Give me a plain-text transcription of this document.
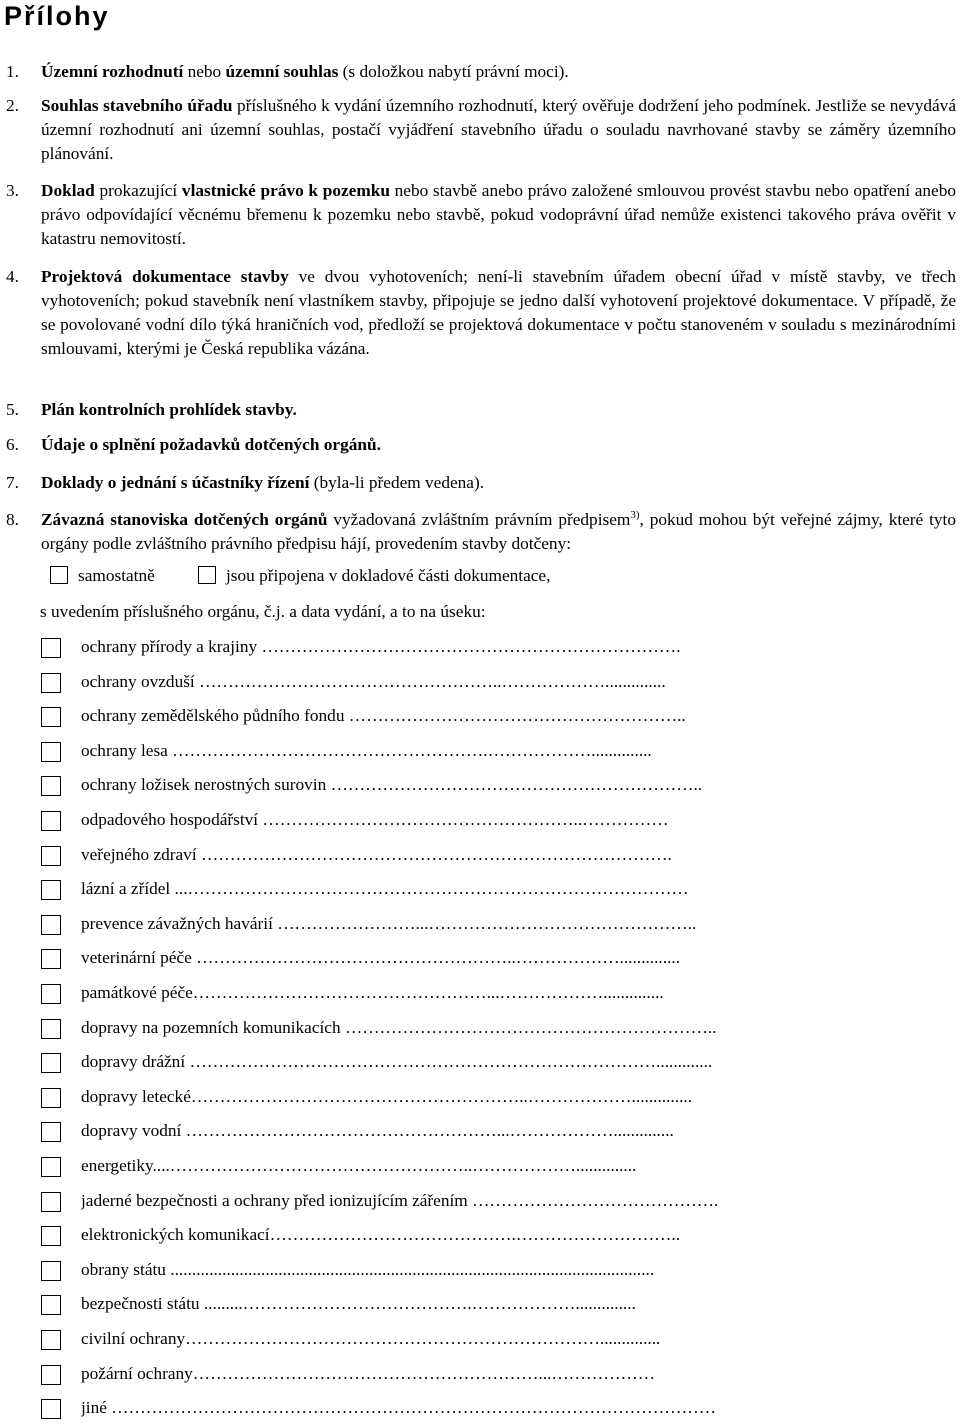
Přílohy
1. Územní rozhodnutí nebo územní souhlas (s doložkou nabytí právní moci).
2. Souhlas stavebního úřadu příslušného k vydání územního rozhodnutí, který ověřuje dodržení jeho podmínek. Jestliže se nevydává územní rozhodnutí ani územní souhlas, postačí vyjádření stavebního úřadu o souladu navrhované stavby se záměry územního plánování.
3. Doklad prokazující vlastnické právo k pozemku nebo stavbě anebo právo založené smlouvou provést stavbu nebo opatření anebo právo odpovídající věcnému břemenu k pozemku nebo stavbě, pokud vodoprávní úřad nemůže existenci takového práva ověřit v katastru nemovitostí.
4. Projektová dokumentace stavby ve dvou vyhotoveních; není-li stavebním úřadem obecní úřad v místě stavby, ve třech vyhotoveních; pokud stavebník není vlastníkem stavby, připojuje se jedno další vyhotovení projektové dokumentace. V případě, že se povolované vodní dílo týká hraničních vod, předloží se projektová dokumentace v počtu stanoveném v souladu s mezinárodními smlouvami, kterými je Česká republika vázána.
5. Plán kontrolních prohlídek stavby.
6. Údaje o splnění požadavků dotčených orgánů.
7. Doklady o jednání s účastníky řízení (byla-li předem vedena).
8. Závazná stanoviska dotčených orgánů vyžadovaná zvláštním právním předpisem$^{3)}$, pokud mohou být veřejné zájmy, které tyto orgány podle zvláštního právního předpisu hájí, provedením stavby dotčeny:
samostatně	jsou připojena v dokladové části dokumentace,
s uvedením příslušného orgánu, č.j. a data vydání, a to na úseku:
ochrany přírody a krajiny ……………………………………………………………….
ochrany ovzduší ……………………………………………..………………..............
ochrany zemědělského půdního fondu …………………………………………………..
ochrany lesa ……………………………………………….………………..............
ochrany ložisek nerostných surovin ………………………………………………………..
odpadového hospodářství ………………………………………………..……………
veřejného zdraví ……………………………………………………………………….
lázní a zřídel ...……………………………………………………………………………
prevence závažných havárií ……………………...………………………………………..
veterinární péče ………………………………………………..………………..............
památkové péče……………………………………………...………………..............
dopravy na pozemních komunikacích ………………………………………………………..
dopravy drážní ……………………………………………………………………….............
dopravy letecké…………………………………………………..………………..............
dopravy vodní ………………………………………………...………………..............
energetiky....……………………………………………..………………..............
jaderné bezpečnosti a ochrany před ionizujícím zářením …………………………………….
elektronických komunikací…………………………………….………………………..
obrany státu ................................................................................................................
bezpečnosti státu .........………………………………….………………..............
civilní ochrany………………………………………………………………..............
požární ochrany……………………………………………………...………………
jiné ……………………………………………………………………………………………
